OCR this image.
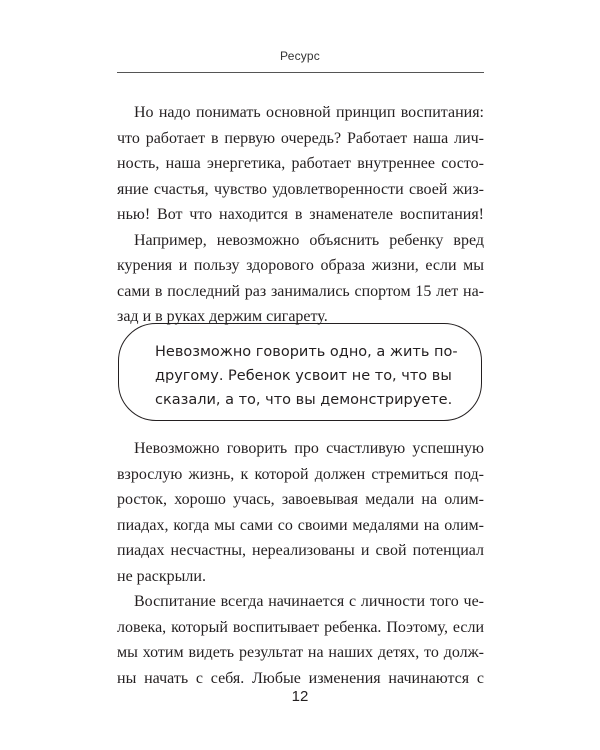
Ресурс
Но надо понимать основной принцип воспитания:
что работает в первую очередь? Работает наша лич-
ность, наша энергетика, работает внутреннее состо-
яние счастья, чувство удовлетворенности своей жиз-
нью! Вот что находится в знаменателе воспитания!
Например, невозможно объяснить ребенку вред
курения и пользу здорового образа жизни, если мы
сами в последний раз занимались спортом 15 лет на-
зад и в руках держим сигарету.
Невозможно говорить одно, а жить по-
другому. Ребенок усвоит не то, что вы
сказали, а то, что вы демонстрируете.
Невозможно говорить про счастливую успешную
взрослую жизнь, к которой должен стремиться под-
росток, хорошо учась, завоевывая медали на олим-
пиадах, когда мы сами со своими медалями на олим-
пиадах несчастны, нереализованы и свой потенциал
не раскрыли.
Воспитание всегда начинается с личности того че-
ловека, который воспитывает ребенка. Поэтому, если
мы хотим видеть результат на наших детях, то долж-
ны начать с себя. Любые изменения начинаются с
12
